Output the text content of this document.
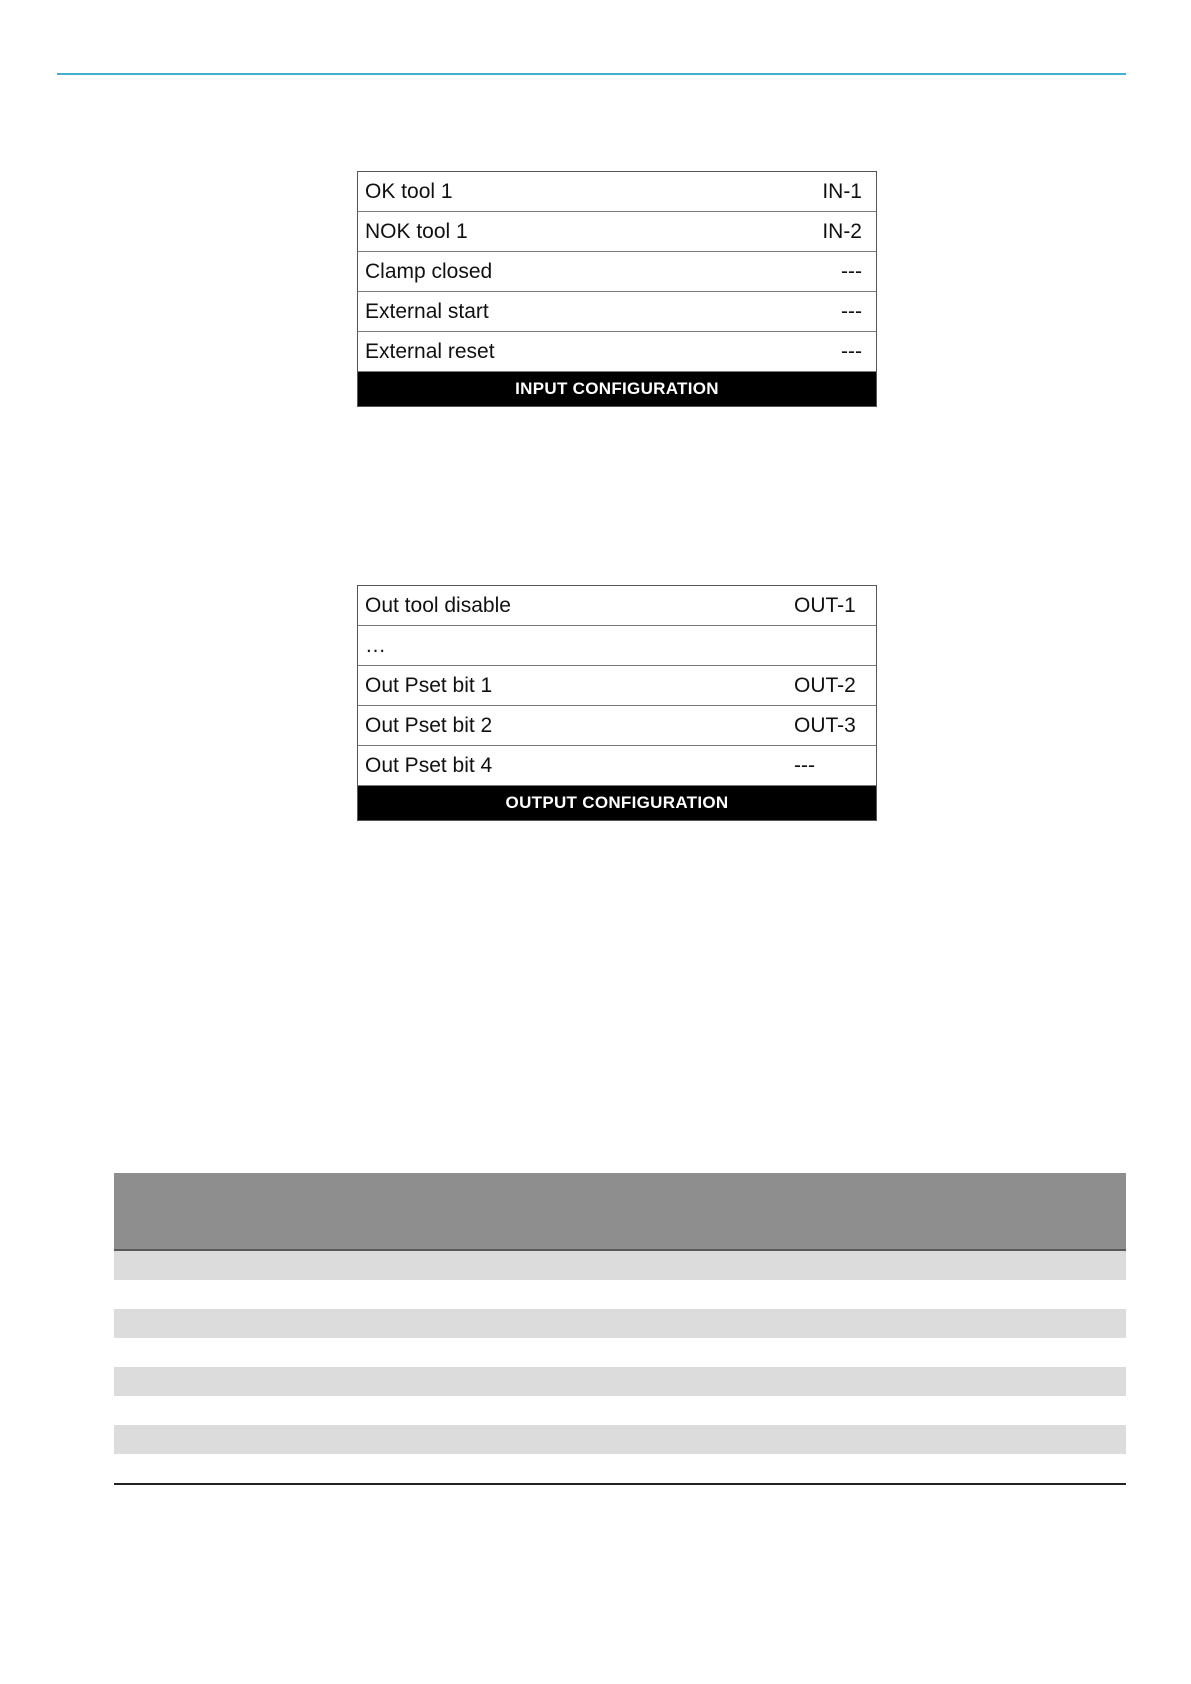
OK tool 1	IN-1
NOK tool 1	IN-2
Clamp closed	---
External start	---
External reset	---
INPUT CONFIGURATION
Out tool disable	OUT-1
…
Out Pset bit 1	OUT-2
Out Pset bit 2	OUT-3
Out Pset bit 4	---
OUTPUT CONFIGURATION
